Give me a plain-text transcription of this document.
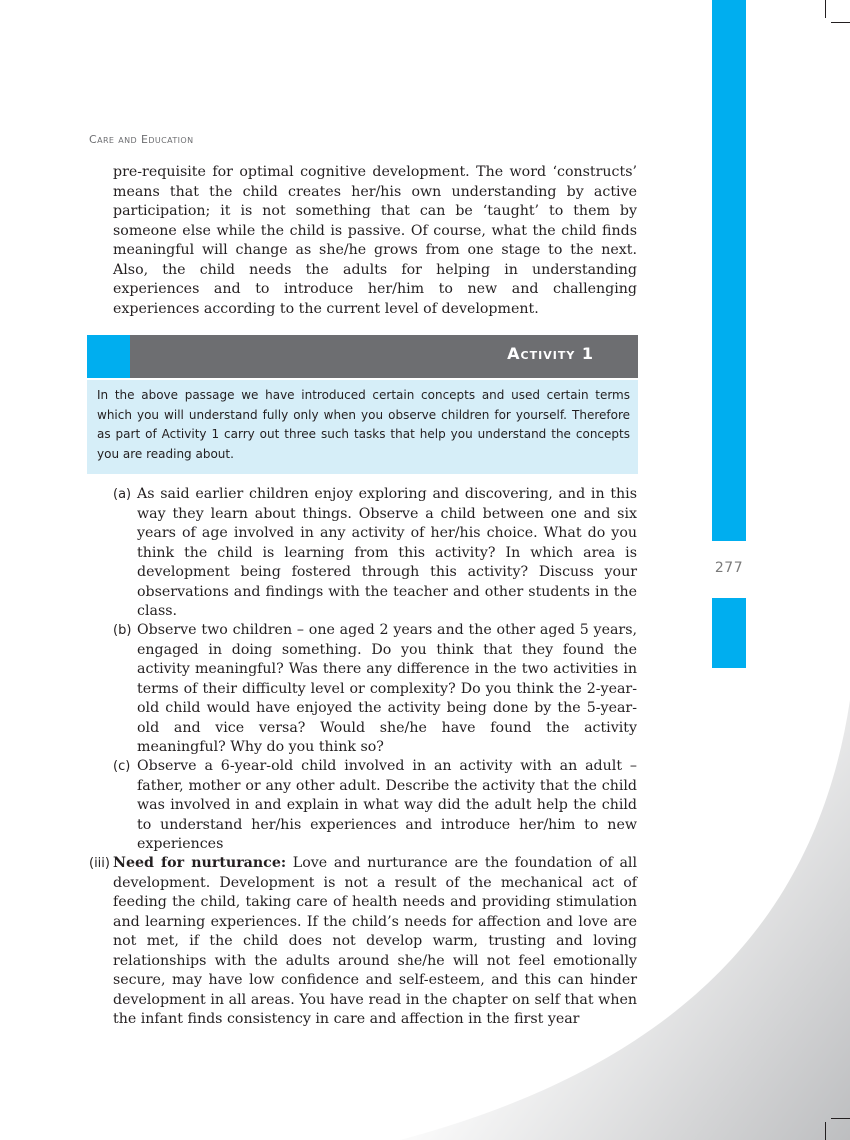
277
Care and Education

pre-requisite for optimal cognitive development. The word ‘constructs’ means that the child creates her/his own understanding by active participation; it is not something that can be ‘taught’ to them by someone else while the child is passive. Of course, what the child finds meaningful will change as she/he grows from one stage to the next. Also, the child needs the adults for helping in understanding experiences and to introduce her/him to new and challenging experiences according to the current level of development.

Activity 1
In the above passage we have introduced certain concepts and used certain terms which you will understand fully only when you observe children for yourself. Therefore as part of Activity 1 carry out three such tasks that help you understand the concepts you are reading about.
(a) As said earlier children enjoy exploring and discovering, and in this way they learn about things. Observe a child between one and six years of age involved in any activity of her/his choice. What do you think the child is learning from this activity? In which area is development being fostered through this activity? Discuss your observations and findings with the teacher and other students in the class.
(b) Observe two children – one aged 2 years and the other aged 5 years, engaged in doing something. Do you think that they found the activity meaningful? Was there any difference in the two activities in terms of their difficulty level or complexity? Do you think the 2-year-old child would have enjoyed the activity being done by the 5-year-old and vice versa? Would she/he have found the activity meaningful? Why do you think so?
(c) Observe a 6-year-old child involved in an activity with an adult – father, mother or any other adult. Describe the activity that the child was involved in and explain in what way did the adult help the child to understand her/his experiences and introduce her/him to new experiences
(iii) Need for nurturance: Love and nurturance are the foundation of all development. Development is not a result of the mechanical act of feeding the child, taking care of health needs and providing stimulation and learning experiences. If the child’s needs for affection and love are not met, if the child does not develop warm, trusting and loving relationships with the adults around she/he will not feel emotionally secure, may have low confidence and self-esteem, and this can hinder development in all areas. You have read in the chapter on self that when the infant finds consistency in care and affection in the first year
